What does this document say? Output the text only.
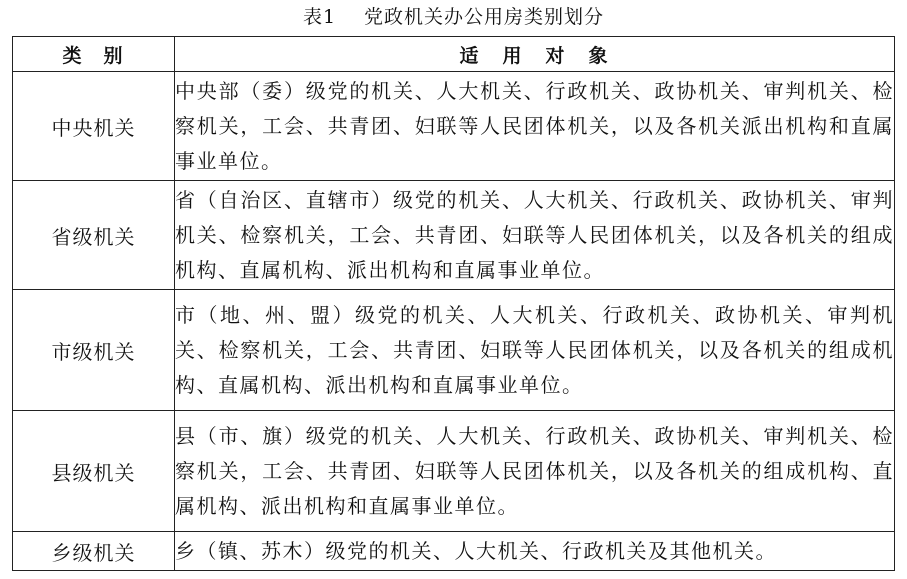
表1 党政机关办公用房类别划分
类 别	适 用 对 象
中央机关	中央部（委）级党的机关、人大机关、行政机关、政协机关、审判机关、检察机关，工会、共青团、妇联等人民团体机关，以及各机关派出机构和直属事业单位。
省级机关	省（自治区、直辖市）级党的机关、人大机关、行政机关、政协机关、审判机关、检察机关，工会、共青团、妇联等人民团体机关，以及各机关的组成机构、直属机构、派出机构和直属事业单位。
市级机关	市（地、州、盟）级党的机关、人大机关、行政机关、政协机关、审判机关、检察机关，工会、共青团、妇联等人民团体机关，以及各机关的组成机构、直属机构、派出机构和直属事业单位。
县级机关	县（市、旗）级党的机关、人大机关、行政机关、政协机关、审判机关、检察机关，工会、共青团、妇联等人民团体机关，以及各机关的组成机构、直属机构、派出机构和直属事业单位。
乡级机关	乡（镇、苏木）级党的机关、人大机关、行政机关及其他机关。
